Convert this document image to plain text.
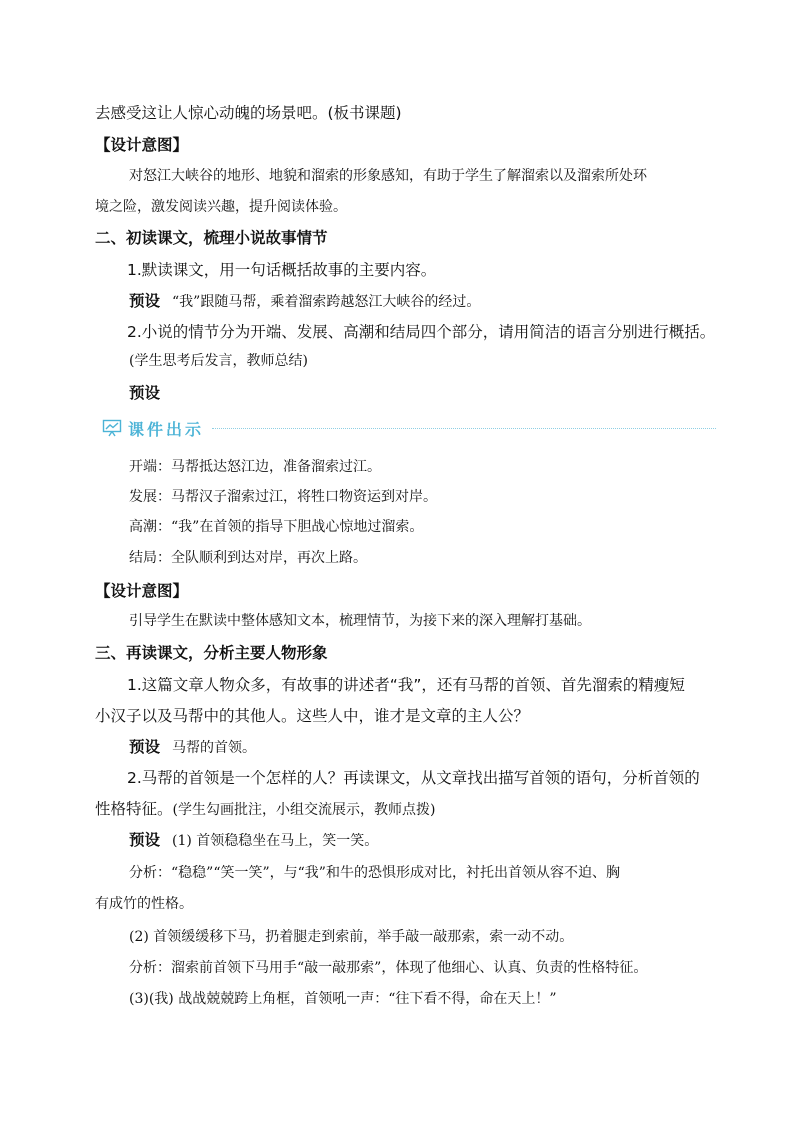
去感受这让人惊心动魄的场景吧。(板书课题)
【设计意图】
对怒江大峡谷的地形、地貌和溜索的形象感知，有助于学生了解溜索以及溜索所处环
境之险，激发阅读兴趣，提升阅读体验。
二、初读课文，梳理小说故事情节
1.默读课文，用一句话概括故事的主要内容。
预设 “我”跟随马帮，乘着溜索跨越怒江大峡谷的经过。
2.小说的情节分为开端、发展、高潮和结局四个部分，请用简洁的语言分别进行概括。
(学生思考后发言，教师总结)
预设
课件出示
开端：马帮抵达怒江边，准备溜索过江。
发展：马帮汉子溜索过江，将牲口物资运到对岸。
高潮：“我”在首领的指导下胆战心惊地过溜索。
结局：全队顺利到达对岸，再次上路。
【设计意图】
引导学生在默读中整体感知文本，梳理情节，为接下来的深入理解打基础。
三、再读课文，分析主要人物形象
1.这篇文章人物众多，有故事的讲述者“我”，还有马帮的首领、首先溜索的精瘦短
小汉子以及马帮中的其他人。这些人中，谁才是文章的主人公？
预设 马帮的首领。
2.马帮的首领是一个怎样的人？再读课文，从文章找出描写首领的语句，分析首领的
性格特征。(学生勾画批注，小组交流展示，教师点拨)
预设 (1) 首领稳稳坐在马上，笑一笑。
分析：“稳稳”“笑一笑”，与“我”和牛的恐惧形成对比，衬托出首领从容不迫、胸
有成竹的性格。
(2) 首领缓缓移下马，扔着腿走到索前，举手敲一敲那索，索一动不动。
分析：溜索前首领下马用手“敲一敲那索”，体现了他细心、认真、负责的性格特征。
(3)(我) 战战兢兢跨上角框，首领吼一声：“往下看不得，命在天上！”
